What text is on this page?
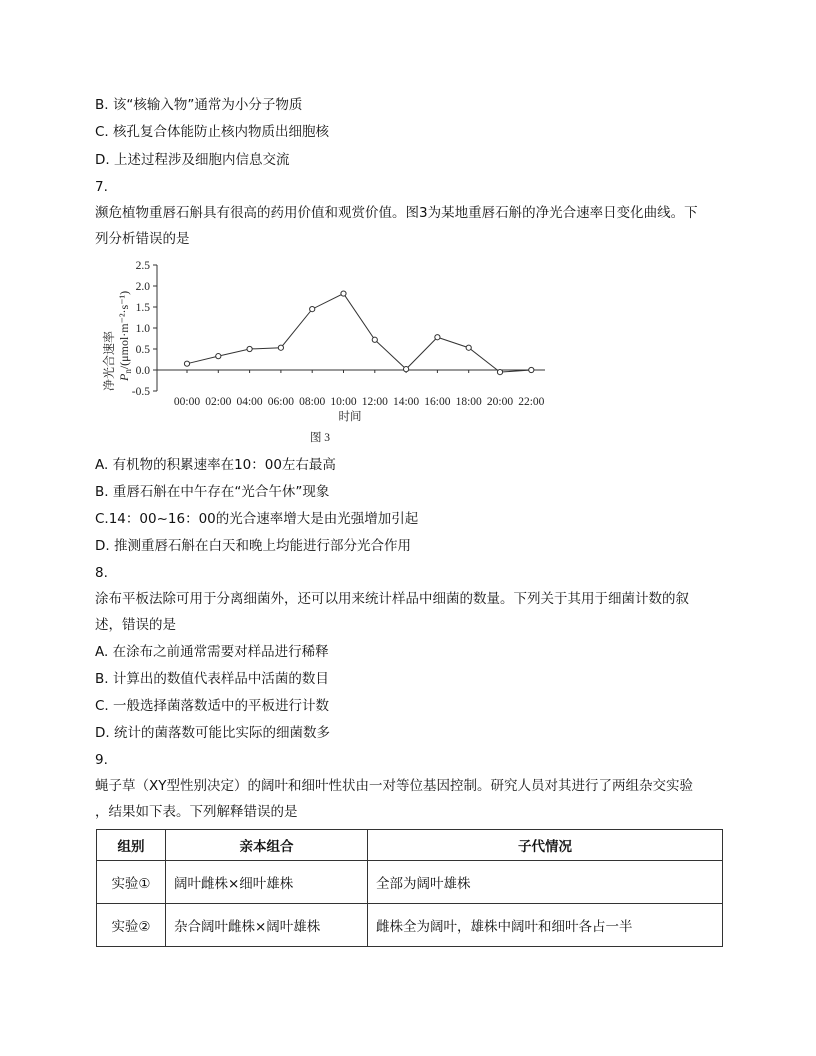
B. 该“核输入物”通常为小分子物质
C. 核孔复合体能防止核内物质出细胞核
D. 上述过程涉及细胞内信息交流
7.
濒危植物重唇石斛具有很高的药用价值和观赏价值。图3为某地重唇石斛的净光合速率日变化曲线。下
列分析错误的是
净光合速率 $P_n/(\mu mol\cdot m^{-2}\cdot s^{-1})$
2.5
2.0
1.5
1.0
0.5
0.0
-0.5
00:00 02:00 04:00 06:00 08:00 10:00 12:00 14:00 16:00 18:00 20:00 22:00
时间
图 3
A. 有机物的积累速率在10：00左右最高
B. 重唇石斛在中午存在“光合午休”现象
C.14：00~16：00的光合速率增大是由光强增加引起
D. 推测重唇石斛在白天和晚上均能进行部分光合作用
8.
涂布平板法除可用于分离细菌外，还可以用来统计样品中细菌的数量。下列关于其用于细菌计数的叙
述，错误的是
A. 在涂布之前通常需要对样品进行稀释
B. 计算出的数值代表样品中活菌的数目
C. 一般选择菌落数适中的平板进行计数
D. 统计的菌落数可能比实际的细菌数多
9.
蝇子草（XY型性别决定）的阔叶和细叶性状由一对等位基因控制。研究人员对其进行了两组杂交实验
，结果如下表。下列解释错误的是
组别	亲本组合	子代情况
实验①	阔叶雌株×细叶雄株	全部为阔叶雄株
实验②	杂合阔叶雌株×阔叶雄株	雌株全为阔叶，雄株中阔叶和细叶各占一半
